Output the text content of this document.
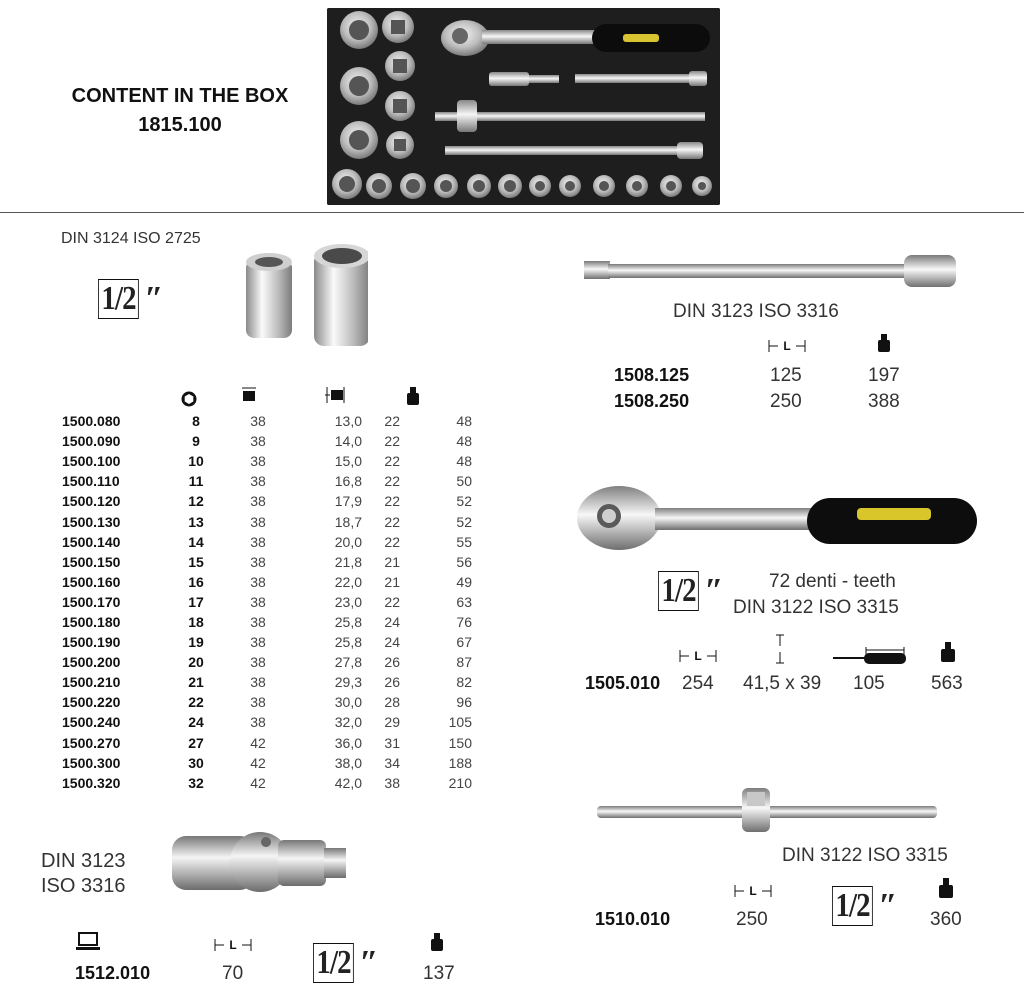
CONTENT IN THE BOX
1815.100
DIN 3124 ISO 2725
1/2 ″
1500.080	8	38	13,0	22	48
1500.090	9	38	14,0	22	48
1500.100	10	38	15,0	22	48
1500.110	11	38	16,8	22	50
1500.120	12	38	17,9	22	52
1500.130	13	38	18,7	22	52
1500.140	14	38	20,0	22	55
1500.150	15	38	21,8	21	56
1500.160	16	38	22,0	21	49
1500.170	17	38	23,0	22	63
1500.180	18	38	25,8	24	76
1500.190	19	38	25,8	24	67
1500.200	20	38	27,8	26	87
1500.210	21	38	29,3	26	82
1500.220	22	38	30,0	28	96
1500.240	24	38	32,0	29	105
1500.270	27	42	36,0	31	150
1500.300	30	42	38,0	34	188
1500.320	32	42	42,0	38	210
DIN 3123
ISO 3316
1512.010
L
70 1/2 ″ 137
DIN 3123 ISO 3316
L
1508.125	125	197
1508.250	250	388
1/2 ″ 72 denti - teeth
DIN 3122 ISO 3315
L
1505.010 254 41,5 x 39 105 563
DIN 3122 ISO 3315
L 1/2 ″
1510.010	250	360
